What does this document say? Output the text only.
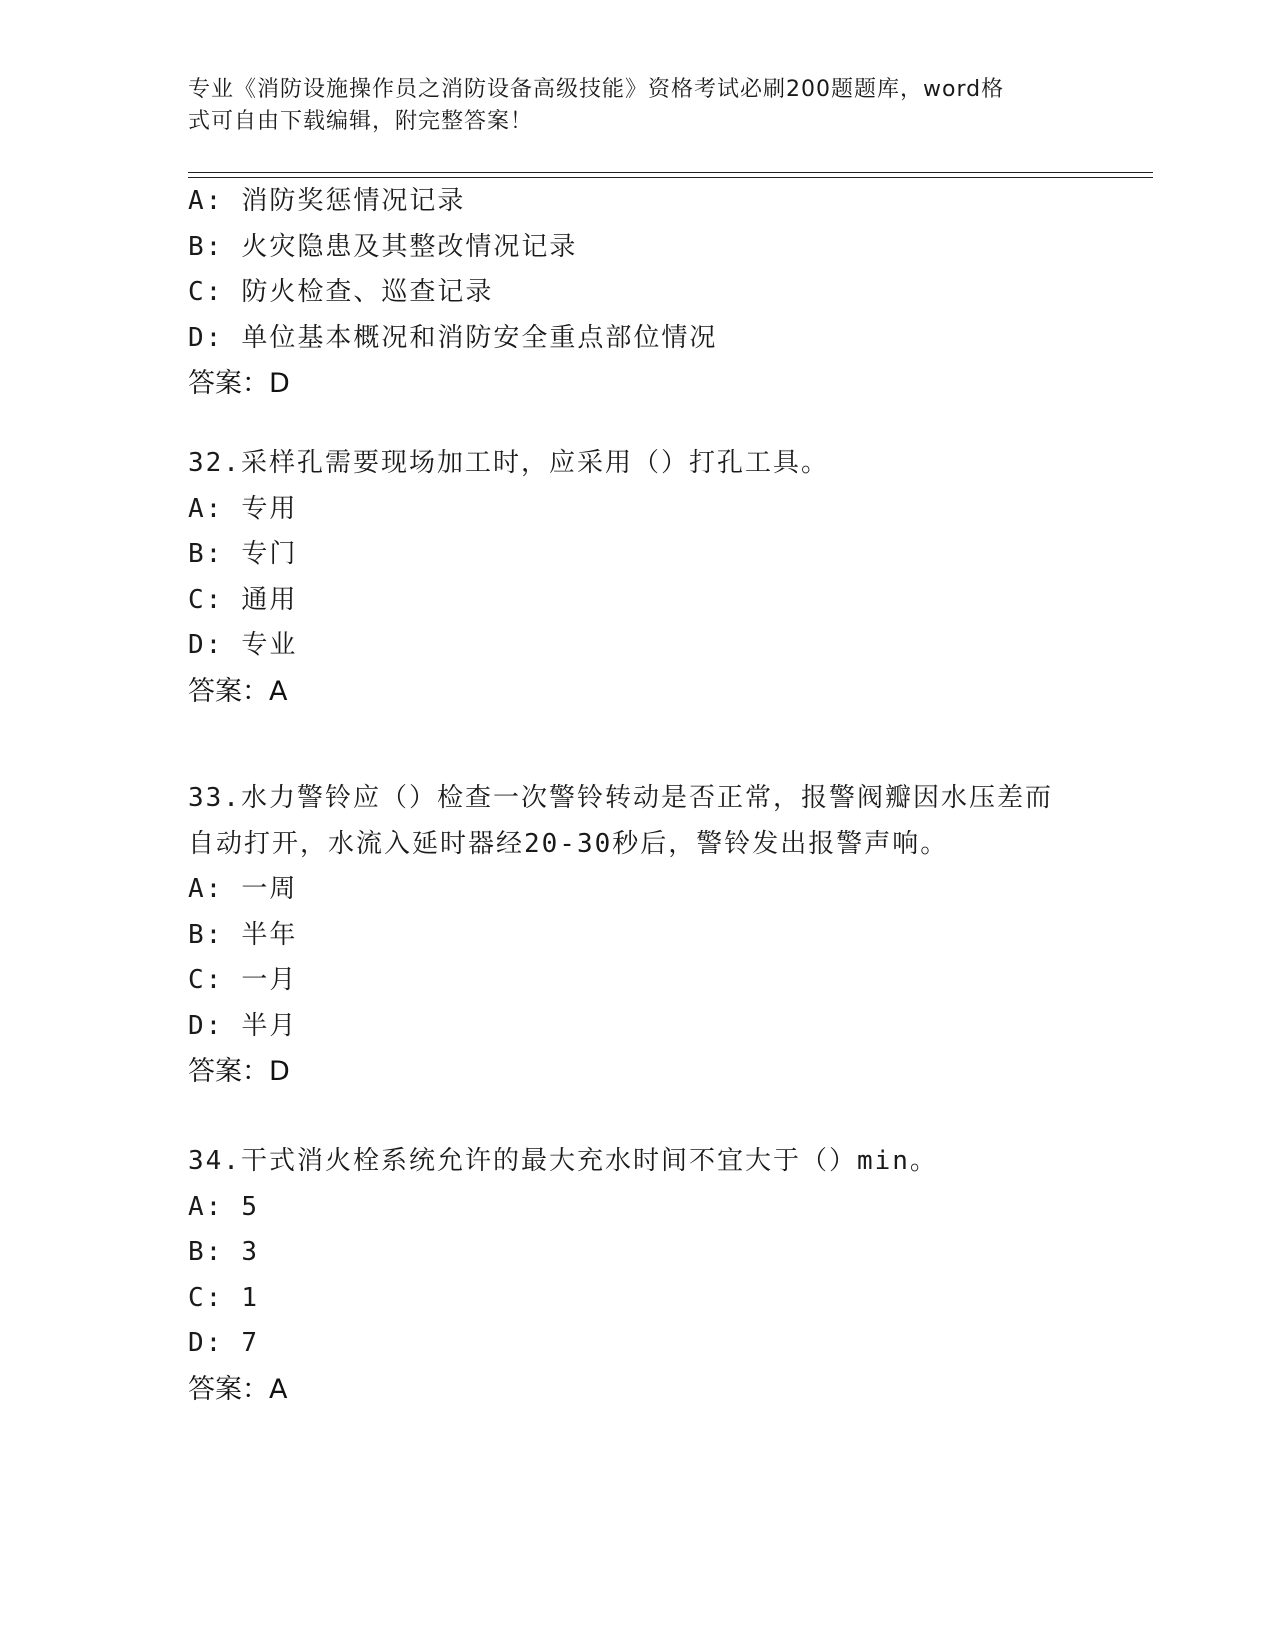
专业《消防设施操作员之消防设备高级技能》资格考试必刷200题题库，word格
式可自由下载编辑，附完整答案！
A: 消防奖惩情况记录
B: 火灾隐患及其整改情况记录
C: 防火检查、巡查记录
D: 单位基本概况和消防安全重点部位情况
答案：D
32.采样孔需要现场加工时，应采用（）打孔工具。
A: 专用
B: 专门
C: 通用
D: 专业
答案：A
33.水力警铃应（）检查一次警铃转动是否正常，报警阀瓣因水压差而
自动打开，水流入延时器经20-30秒后，警铃发出报警声响。
A: 一周
B: 半年
C: 一月
D: 半月
答案：D
34.干式消火栓系统允许的最大充水时间不宜大于（）min。
A: 5
B: 3
C: 1
D: 7
答案：A
